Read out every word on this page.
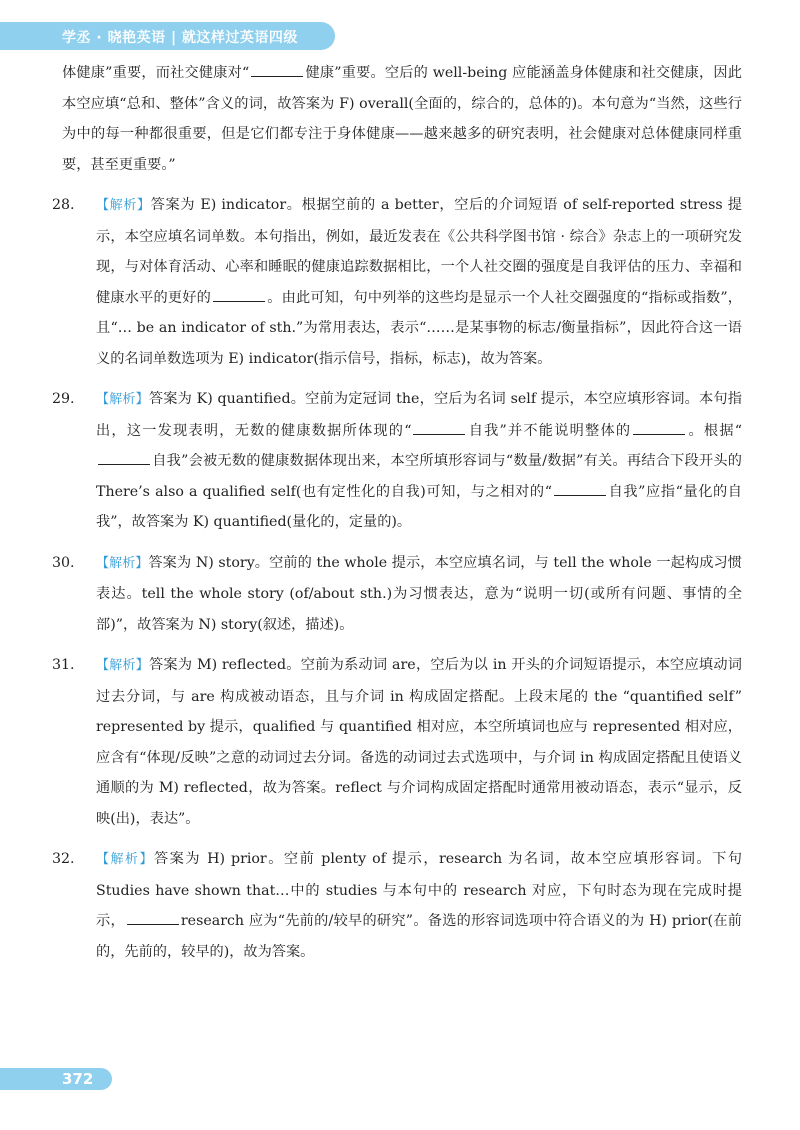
学丞 · 晓艳英语 | 就这样过英语四级

体健康”重要，而社交健康对“	健康”重要。空后的 well-being 应能涵盖身体健康和社交健康，因此本空应填“总和、整体”含义的词，故答案为 F) overall(全面的，综合的，总体的)。本句意为“当然，这些行为中的每一种都很重要，但是它们都专注于身体健康——越来越多的研究表明，社会健康对总体健康同样重要，甚至更重要。”

28. 【解析】答案为 E) indicator。根据空前的 a better，空后的介词短语 of self-reported stress 提示，本空应填名词单数。本句指出，例如，最近发表在《公共科学图书馆 · 综合》杂志上的一项研究发现，与对体育活动、心率和睡眠的健康追踪数据相比，一个人社交圈的强度是自我评估的压力、幸福和健康水平的更好的	。由此可知，句中列举的这些均是显示一个人社交圈强度的“指标或指数”，且“… be an indicator of sth.”为常用表达，表示“……是某事物的标志/衡量指标”，因此符合这一语义的名词单数选项为 E) indicator(指示信号，指标，标志)，故为答案。

29. 【解析】答案为 K) quantified。空前为定冠词 the，空后为名词 self 提示，本空应填形容词。本句指出，这一发现表明，无数的健康数据所体现的“	自我”并不能说明整体的	。根据“自我”会被无数的健康数据体现出来，本空所填形容词与“数量/数据”有关。再结合下段开头的 There’s also a qualified self(也有定性化的自我)可知，与之相对的“	自我”应指“量化的自我”，故答案为 K) quantified(量化的，定量的)。

30. 【解析】答案为 N) story。空前的 the whole 提示，本空应填名词，与 tell the whole 一起构成习惯表达。tell the whole story (of/about sth.)为习惯表达，意为“说明一切(或所有问题、事情的全部)”，故答案为 N) story(叙述，描述)。

31. 【解析】答案为 M) reflected。空前为系动词 are，空后为以 in 开头的介词短语提示，本空应填动词过去分词，与 are 构成被动语态，且与介词 in 构成固定搭配。上段末尾的 the “quantified self” represented by 提示，qualified 与 quantified 相对应，本空所填词也应与 represented 相对应，应含有“体现/反映”之意的动词过去分词。备选的动词过去式选项中，与介词 in 构成固定搭配且使语义通顺的为 M) reflected，故为答案。reflect 与介词构成固定搭配时通常用被动语态，表示“显示，反映(出)，表达”。

32. 【解析】答案为 H) prior。空前 plenty of 提示，research 为名词，故本空应填形容词。下句 Studies have shown that…中的 studies 与本句中的 research 对应，下句时态为现在完成时提示，	research 应为“先前的/较早的研究”。备选的形容词选项中符合语义的为 H) prior(在前的，先前的，较早的)，故为答案。

372
